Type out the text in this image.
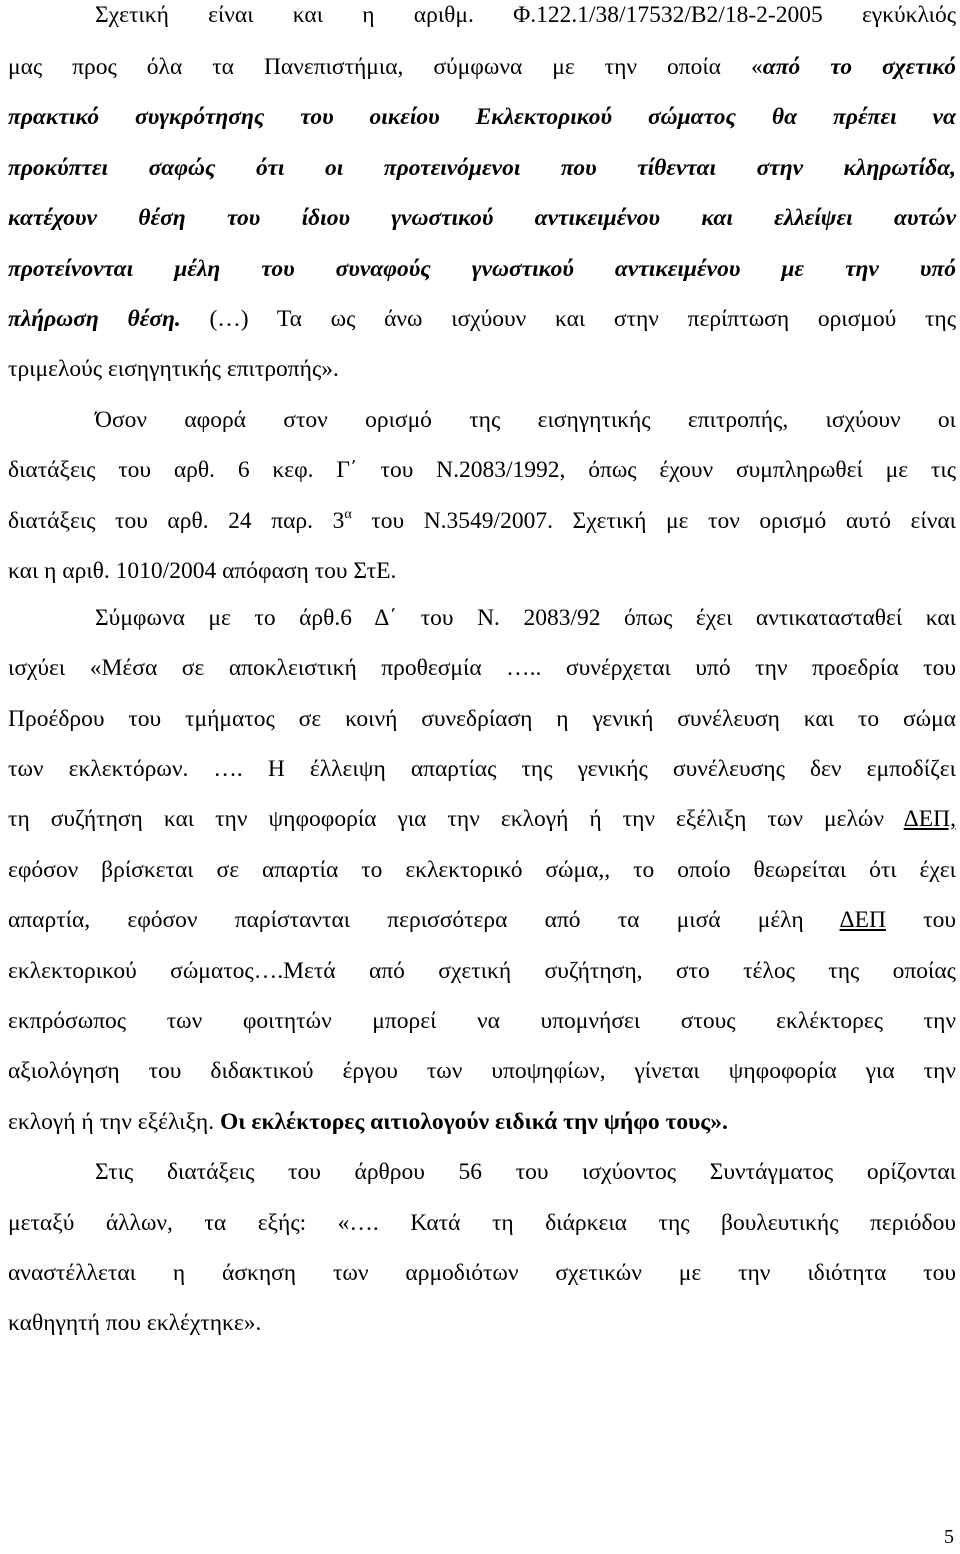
Σχετική είναι και η αριθμ. Φ.122.1/38/17532/Β2/18-2-2005 εγκύκλιός
μας προς όλα τα Πανεπιστήμια, σύμφωνα με την οποία «από το σχετικό
πρακτικό συγκρότησης του οικείου Εκλεκτορικού σώματος θα πρέπει να
προκύπτει σαφώς ότι οι προτεινόμενοι που τίθενται στην κληρωτίδα,
κατέχουν θέση του ίδιου γνωστικού αντικειμένου και ελλείψει αυτών
προτείνονται μέλη του συναφούς γνωστικού αντικειμένου με την υπό
πλήρωση θέση. (…) Τα ως άνω ισχύουν και στην περίπτωση ορισμού της
τριμελούς εισηγητικής επιτροπής».
Όσον αφορά στον ορισμό της εισηγητικής επιτροπής, ισχύουν οι
διατάξεις του αρθ. 6 κεφ. Γ΄ του Ν.2083/1992, όπως έχουν συμπληρωθεί με τις
διατάξεις του αρθ. 24 παρ. $3^\alpha$ του Ν.3549/2007. Σχετική με τον ορισμό αυτό είναι
και η αριθ. 1010/2004 απόφαση του ΣτΕ.
Σύμφωνα με το άρθ.6 Δ΄ του Ν. 2083/92 όπως έχει αντικατασταθεί και
ισχύει «Μέσα σε αποκλειστική προθεσμία ….. συνέρχεται υπό την προεδρία του
Προέδρου του τμήματος σε κοινή συνεδρίαση η γενική συνέλευση και το σώμα
των εκλεκτόρων. …. Η έλλειψη απαρτίας της γενικής συνέλευσης δεν εμποδίζει
τη συζήτηση και την ψηφοφορία για την εκλογή ή την εξέλιξη των μελών ΔΕΠ,
εφόσον βρίσκεται σε απαρτία το εκλεκτορικό σώμα,, το οποίο θεωρείται ότι έχει
απαρτία, εφόσον παρίστανται περισσότερα από τα μισά μέλη ΔΕΠ του
εκλεκτορικού σώματος….Μετά από σχετική συζήτηση, στο τέλος της οποίας
εκπρόσωπος των φοιτητών μπορεί να υπομνήσει στους εκλέκτορες την
αξιολόγηση του διδακτικού έργου των υποψηφίων, γίνεται ψηφοφορία για την
εκλογή ή την εξέλιξη. Οι εκλέκτορες αιτιολογούν ειδικά την ψήφο τους».
Στις διατάξεις του άρθρου 56 του ισχύοντος Συντάγματος ορίζονται
μεταξύ άλλων, τα εξής: «…. Κατά τη διάρκεια της βουλευτικής περιόδου
αναστέλλεται η άσκηση των αρμοδιότων σχετικών με την ιδιότητα του
καθηγητή που εκλέχτηκε».
5
